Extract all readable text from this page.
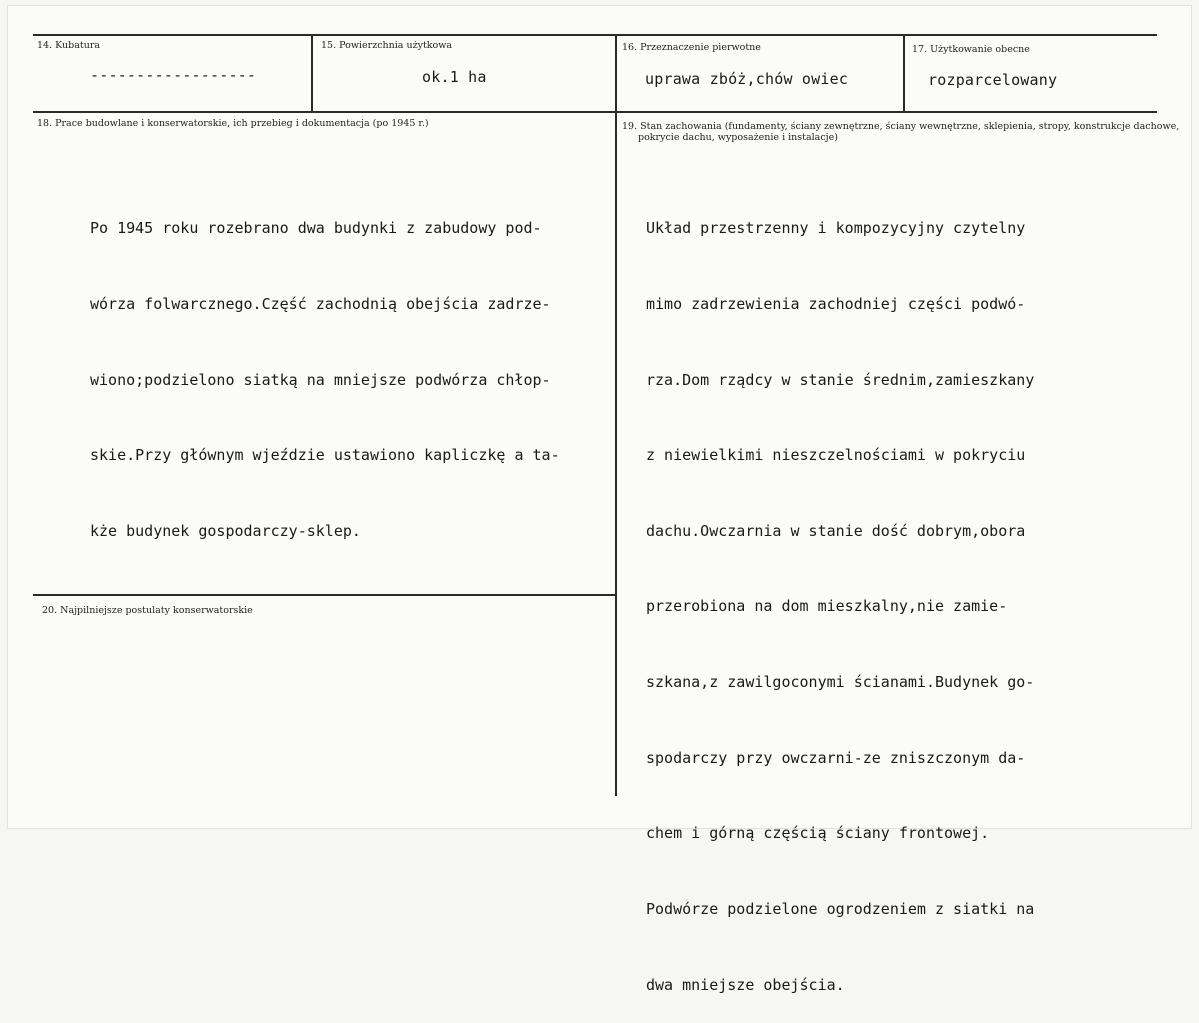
14. Kubatura
------------------
15. Powierzchnia użytkowa
ok.1 ha
16. Przeznaczenie pierwotne
uprawa zbóż,chów owiec
17. Użytkowanie obecne
rozparcelowany
18. Prace budowlane i konserwatorskie, ich przebieg i dokumentacja (po 1945 r.)

Po 1945 roku rozebrano dwa budynki z zabudowy pod-

wórza folwarcznego.Część zachodnią obejścia zadrze-

wiono;podzielono siatką na mniejsze podwórza chłop-

skie.Przy głównym wjeździe ustawiono kapliczkę a ta-

kże budynek gospodarczy-sklep.

19. Stan zachowania (fundamenty, ściany zewnętrzne, ściany wewnętrzne, sklepienia, stropy, konstrukcje dachowe,
pokrycie dachu, wyposażenie i instalacje)

Układ przestrzenny i kompozycyjny czytelny

mimo zadrzewienia zachodniej części podwó-

rza.Dom rządcy w stanie średnim,zamieszkany

z niewielkimi nieszczelnościami w pokryciu

dachu.Owczarnia w stanie dość dobrym,obora

przerobiona na dom mieszkalny,nie zamie-

szkana,z zawilgoconymi ścianami.Budynek go-

spodarczy przy owczarni-ze zniszczonym da-

chem i górną częścią ściany frontowej.

Podwórze podzielone ogrodzeniem z siatki na

dwa mniejsze obejścia.

20. Najpilniejsze postulaty konserwatorskie
